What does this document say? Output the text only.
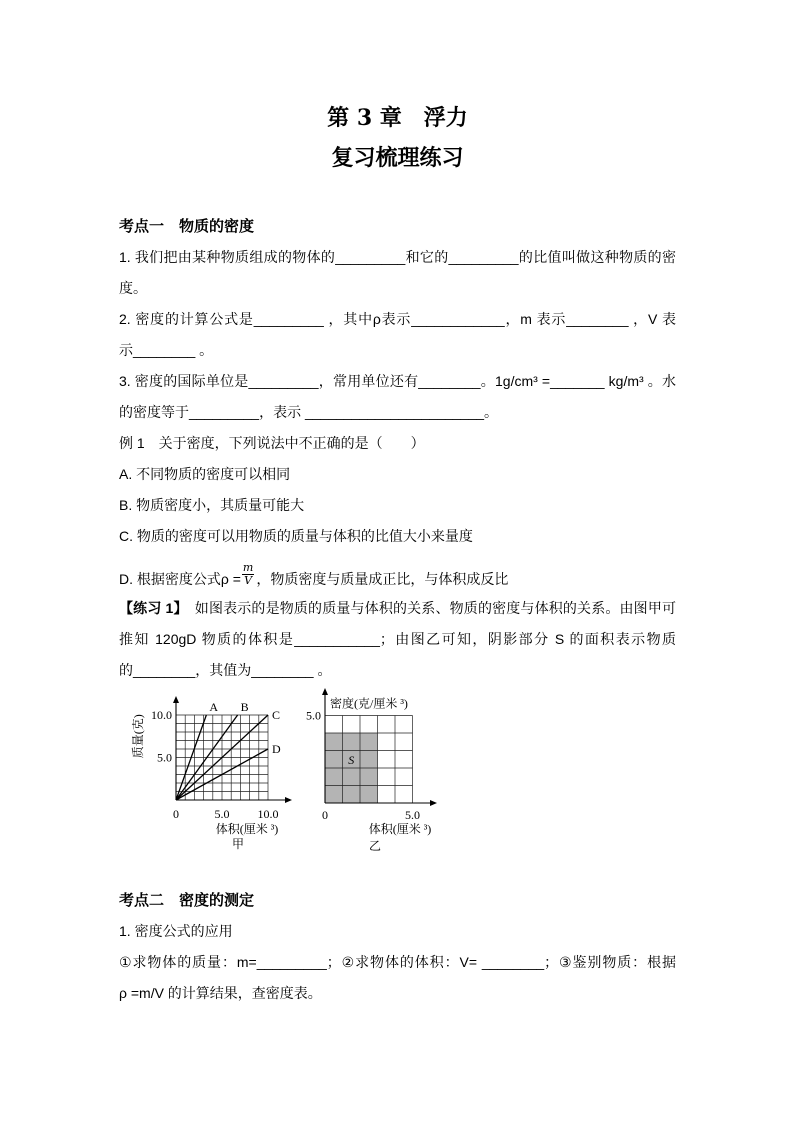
第 3 章　浮力
复习梳理练习
考点一　物质的密度
1. 我们把由某种物质组成的物体的_________和它的_________的比值叫做这种物质的密
度。
2. 密度的计算公式是_________ ，其中ρ表示____________，m 表示________ ，V 表
示________ 。
3. 密度的国际单位是_________，常用单位还有________。1g/cm³ =_______ kg/m³ 。水
的密度等于_________，表示 _______________________。
例 1　关于密度，下列说法中不正确的是（　　）
A. 不同物质的密度可以相同
B. 物质密度小，其质量可能大
C. 物质的密度可以用物质的质量与体积的比值大小来量度
D. 根据密度公式$\rho = \frac{m}{V}$ ，物质密度与质量成正比，与体积成反比
【练习 1】　如图表示的是物质的质量与体积的关系、物质的密度与体积的关系。由图甲可
推知 120gD 物质的体积是___________；由图乙可知，阴影部分 S 的面积表示物质
的________，其值为________ 。
A B
C
D
5.0 10.0
5.0
10.0
0
质量(克)
体积(厘米 ³)
甲
S
5.0
5.0
0
密度(克/厘米 ³)
体积(厘米 ³)
乙
考点二　密度的测定
1. 密度公式的应用
①求物体的质量：m=_________；②求物体的体积：V= ________；③鉴别物质：根据
ρ =m/V 的计算结果，查密度表。
